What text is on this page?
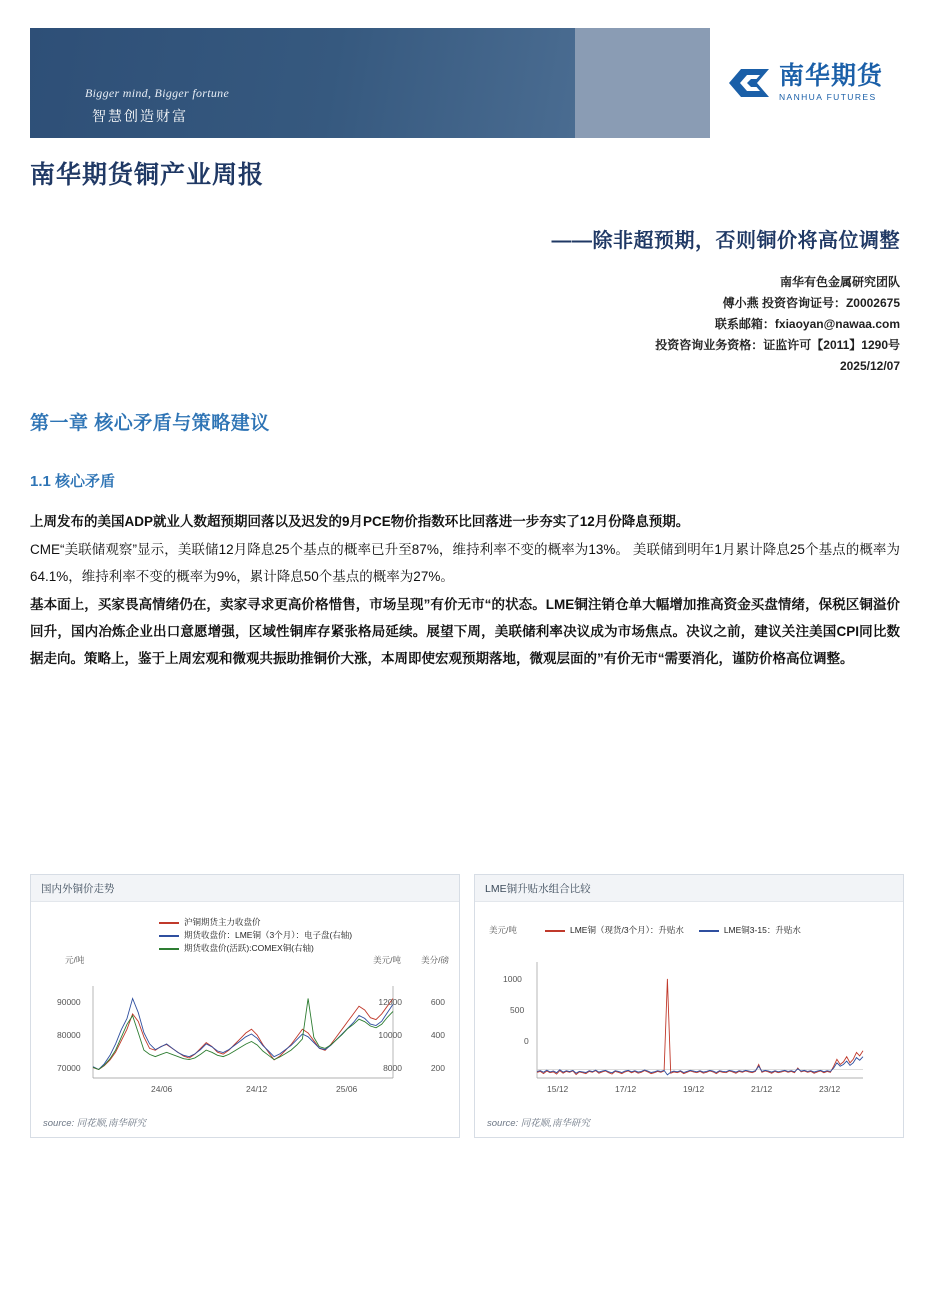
Bigger mind, Bigger fortune
智慧创造财富
南华期货
NANHUA FUTURES
南华期货铜产业周报
——除非超预期，否则铜价将高位调整
南华有色金属研究团队
傅小燕 投资咨询证号：Z0002675
联系邮箱：fxiaoyan@nawaa.com
投资咨询业务资格：证监许可【2011】1290号
2025/12/07
第一章 核心矛盾与策略建议
1.1 核心矛盾

上周发布的美国ADP就业人数超预期回落以及迟发的9月PCE物价指数环比回落进一步夯实了12月份降息预期。

CME“美联储观察”显示，美联储12月降息25个基点的概率已升至87%，维持利率不变的概率为13%。 美联储到明年1月累计降息25个基点的概率为64.1%，维持利率不变的概率为9%，累计降息50个基点的概率为27%。

基本面上，买家畏高情绪仍在，卖家寻求更高价格惜售，市场呈现”有价无市“的状态。LME铜注销仓单大幅增加推高资金买盘情绪，保税区铜溢价回升，国内冶炼企业出口意愿增强，区域性铜库存紧张格局延续。展望下周，美联储利率决议成为市场焦点。决议之前，建议关注美国CPI同比数据走向。策略上，鉴于上周宏观和微观共振助推铜价大涨，本周即使宏观预期落地，微观层面的”有价无市“需要消化，谨防价格高位调整。

国内外铜价走势
元/吨	美元/吨 美分/磅
沪铜期货主力收盘价
期货收盘价：LME铜（3个月）：电子盘(右轴)
期货收盘价(活跃):COMEX铜(右轴)
90000
80000
70000
12000
10000
8000
600
400
200
24/06	24/12	25/06
source: 同花顺,南华研究
LME铜升贴水组合比较
美元/吨	LME铜（现货/3个月）：升贴水	LME铜3-15：升贴水
1000
500
0
15/12	17/12	19/12	21/12	23/12
source: 同花顺,南华研究
